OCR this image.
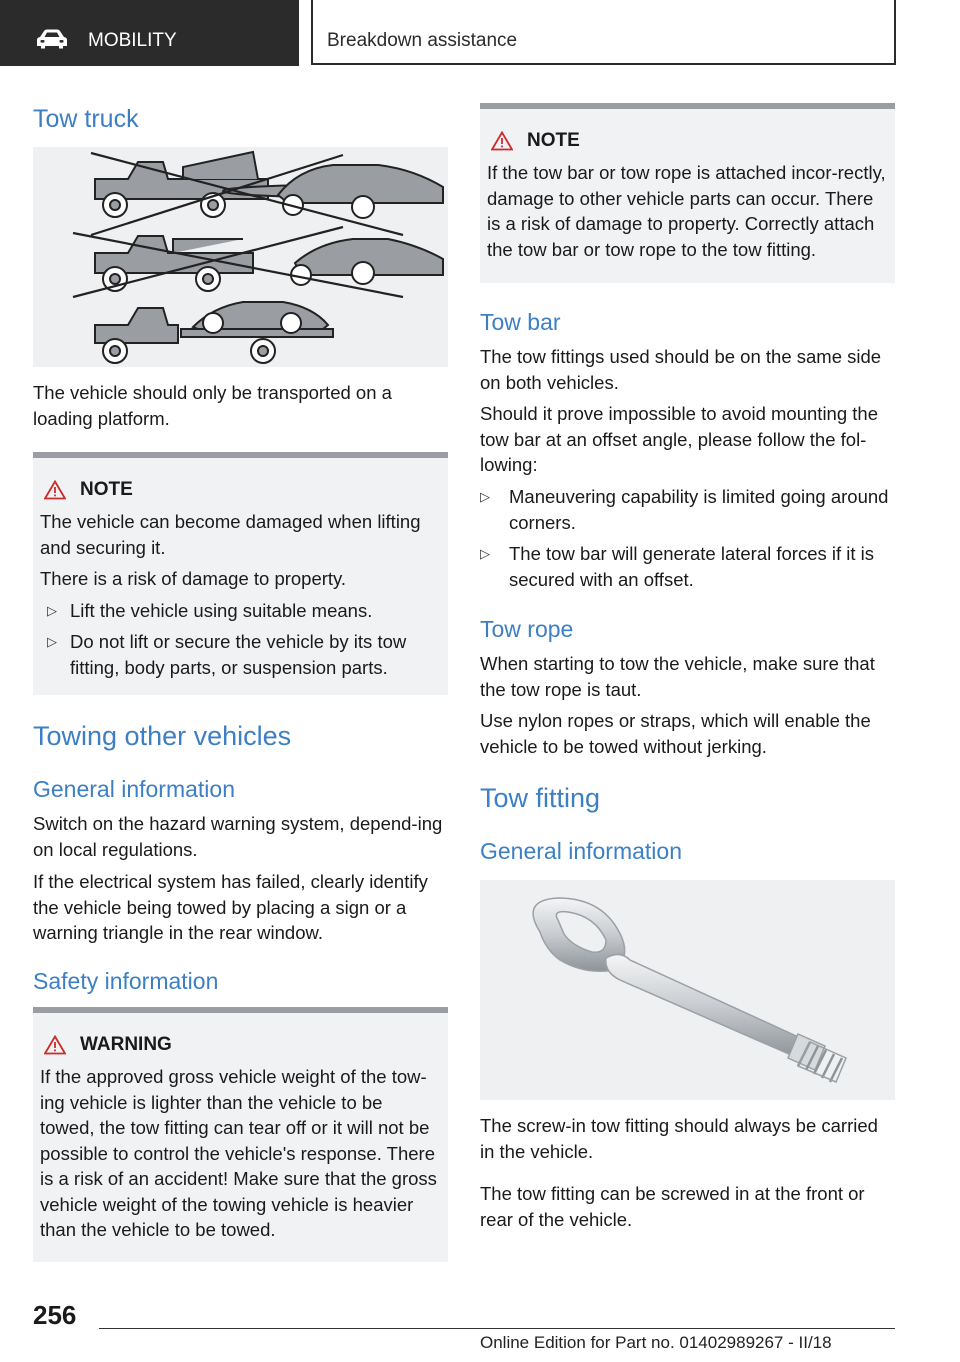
MOBILITY	Breakdown assistance
Tow truck

The vehicle should only be transported on a loading platform.

NOTE

The vehicle can become damaged when lifting and securing it.

There is a risk of damage to property.

▷ Lift the vehicle using suitable means.
▷ Do not lift or secure the vehicle by its tow fitting, body parts, or suspension parts.
Towing other vehicles
General information

Switch on the hazard warning system, depend‐ing on local regulations.

If the electrical system has failed, clearly identify the vehicle being towed by placing a sign or a warning triangle in the rear window.

Safety information
WARNING

If the approved gross vehicle weight of the tow‐ing vehicle is lighter than the vehicle to be towed, the tow fitting can tear off or it will not be possible to control the vehicle's response. There is a risk of an accident! Make sure that the gross vehicle weight of the towing vehicle is heavier than the vehicle to be towed.

NOTE

If the tow bar or tow rope is attached incor‐rectly, damage to other vehicle parts can occur. There is a risk of damage to property. Correctly attach the tow bar or tow rope to the tow fitting.

Tow bar

The tow fittings used should be on the same side on both vehicles.

Should it prove impossible to avoid mounting the tow bar at an offset angle, please follow the fol‐lowing:

▷	Maneuvering capability is limited going around corners.
▷	The tow bar will generate lateral forces if it is secured with an offset.
Tow rope

When starting to tow the vehicle, make sure that the tow rope is taut.

Use nylon ropes or straps, which will enable the vehicle to be towed without jerking.

Tow fitting
General information

The screw-in tow fitting should always be carried in the vehicle.

The tow fitting can be screwed in at the front or rear of the vehicle.

256
Online Edition for Part no. 01402989267 - II/18
